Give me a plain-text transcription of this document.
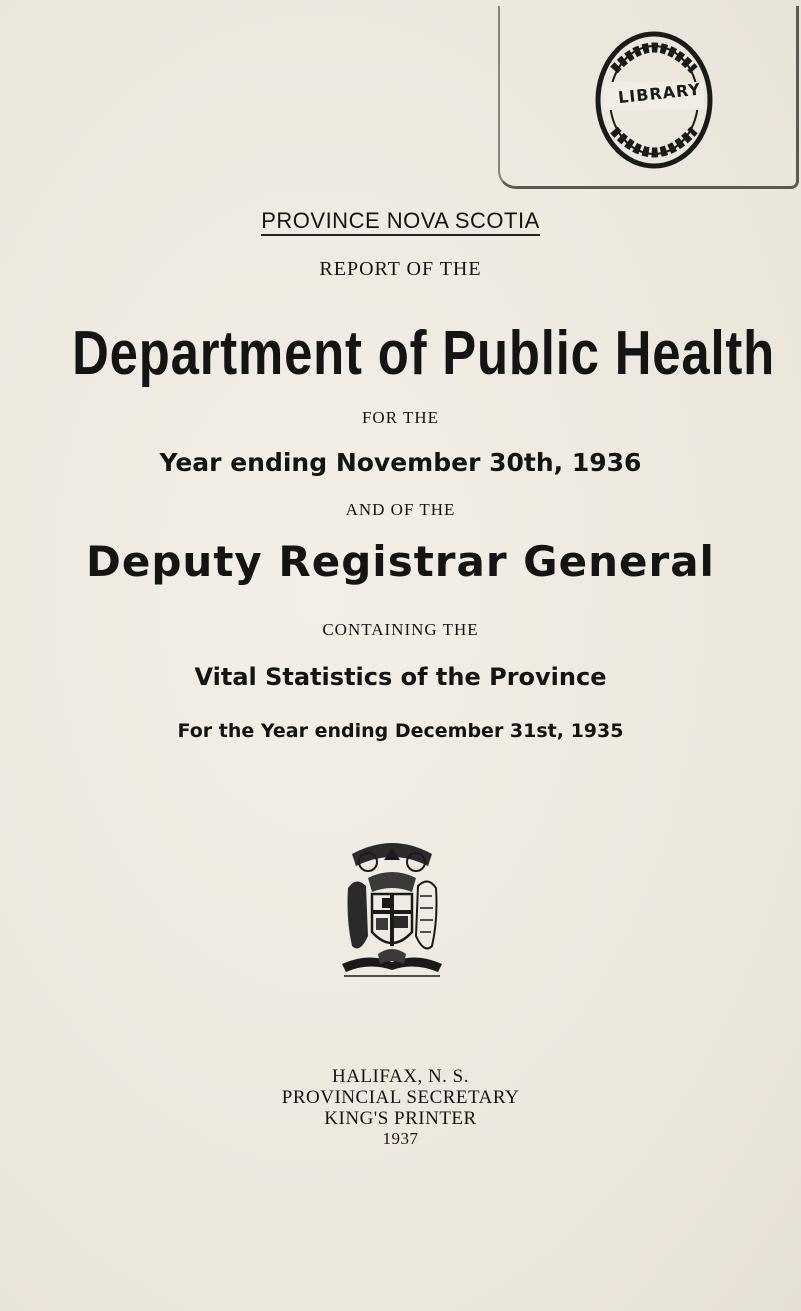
LIBRARY
PROVINCE NOVA SCOTIA
REPORT OF THE
Department of Public Health
FOR THE
Year ending November 30th, 1936
AND OF THE
Deputy Registrar General
CONTAINING THE
Vital Statistics of the Province
For the Year ending December 31st, 1935
HALIFAX, N. S.
PROVINCIAL SECRETARY
KING'S PRINTER
1937
